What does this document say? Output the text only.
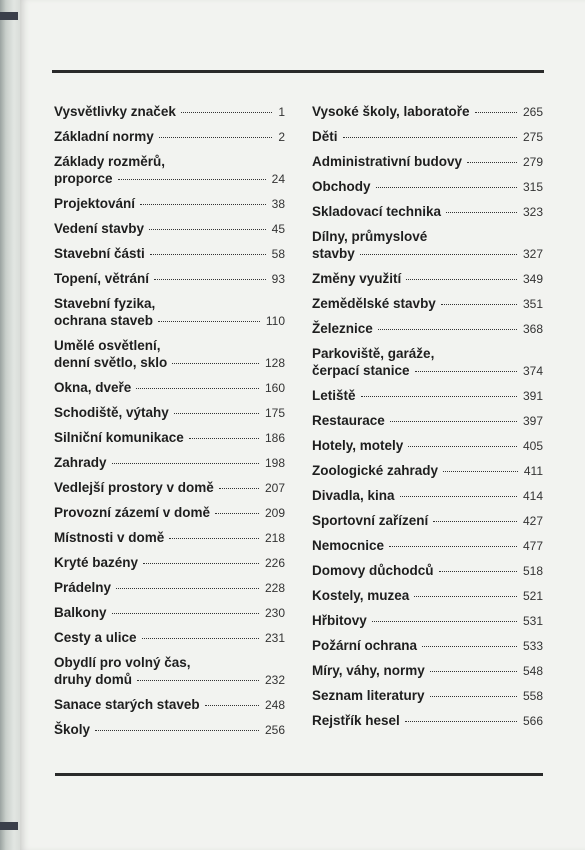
Vysvětlivky značek	1
Základní normy	2
Základy rozměrů,
proporce	24
Projektování	38
Vedení stavby	45
Stavební části	58
Topení, větrání	93
Stavební fyzika,
ochrana staveb	110
Umělé osvětlení,
denní světlo, sklo	128
Okna, dveře	160
Schodiště, výtahy	175
Silniční komunikace	186
Zahrady	198
Vedlejší prostory v domě	207
Provozní zázemí v domě	209
Místnosti v domě	218
Kryté bazény	226
Prádelny	228
Balkony	230
Cesty a ulice	231
Obydlí pro volný čas,
druhy domů	232
Sanace starých staveb	248
Školy	256
Vysoké školy, laboratoře	265
Děti	275
Administrativní budovy	279
Obchody	315
Skladovací technika	323
Dílny, průmyslové
stavby	327
Změny využití	349
Zemědělské stavby	351
Železnice	368
Parkoviště, garáže,
čerpací stanice	374
Letiště	391
Restaurace	397
Hotely, motely	405
Zoologické zahrady	411
Divadla, kina	414
Sportovní zařízení	427
Nemocnice	477
Domovy důchodců	518
Kostely, muzea	521
Hřbitovy	531
Požární ochrana	533
Míry, váhy, normy	548
Seznam literatury	558
Rejstřík hesel	566
